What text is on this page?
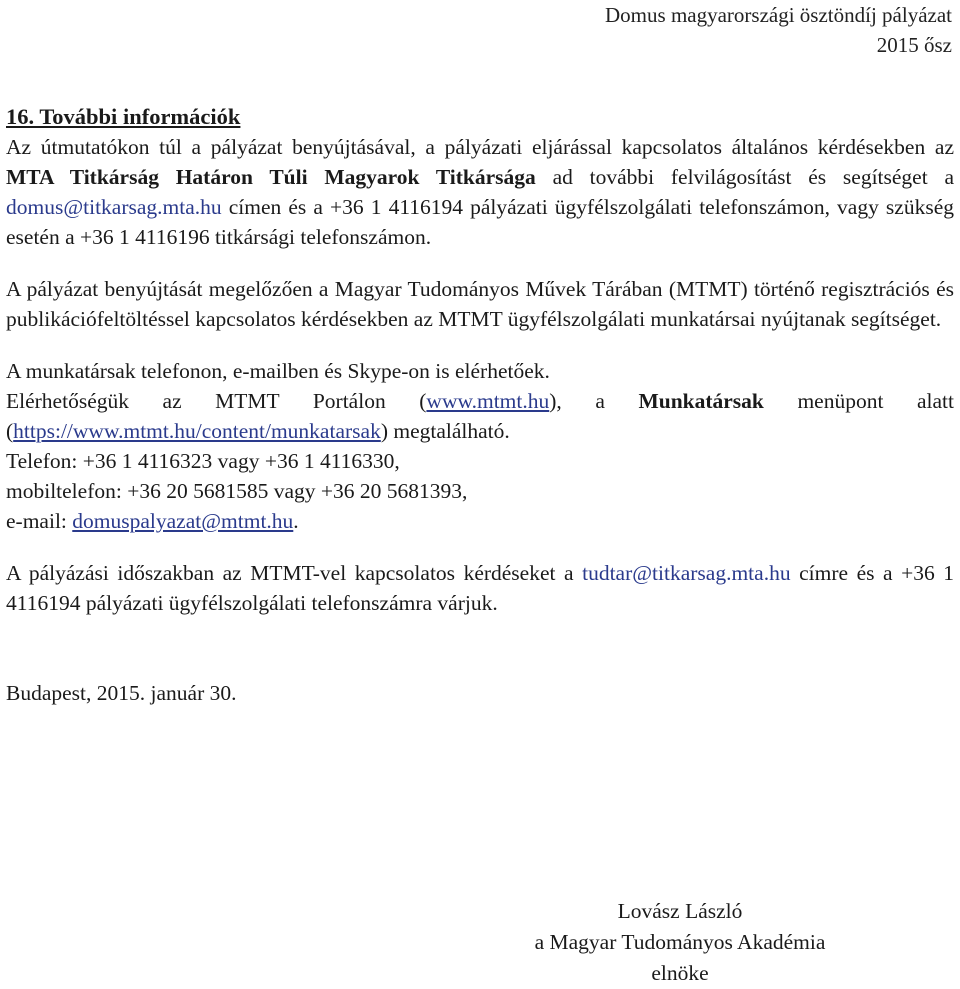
Domus magyarországi ösztöndíj pályázat
2015 ősz
16. További információk

Az útmutatókon túl a pályázat benyújtásával, a pályázati eljárással kapcsolatos általános kérdésekben az MTA Titkárság Határon Túli Magyarok Titkársága ad további felvilágosítást és segítséget a domus@titkarsag.mta.hu címen és a +36 1 4116194 pályázati ügyfélszolgálati telefonszámon, vagy szükség esetén a +36 1 4116196 titkársági telefonszámon.

A pályázat benyújtását megelőzően a Magyar Tudományos Művek Tárában (MTMT) történő regisztrációs és publikációfeltöltéssel kapcsolatos kérdésekben az MTMT ügyfélszolgálati munkatársai nyújtanak segítséget.

A munkatársak telefonon, e-mailben és Skype-on is elérhetőek.

Elérhetőségük az MTMT Portálon (www.mtmt.hu), a Munkatársak menüpont alatt (https://www.mtmt.hu/content/munkatarsak) megtalálható.

Telefon: +36 1 4116323 vagy +36 1 4116330,

mobiltelefon: +36 20 5681585 vagy +36 20 5681393,

e-mail: domuspalyazat@mtmt.hu.

A pályázási időszakban az MTMT-vel kapcsolatos kérdéseket a tudtar@titkarsag.mta.hu címre és a +36 1 4116194 pályázati ügyfélszolgálati telefonszámra várjuk.

Budapest, 2015. január 30.

Lovász László
a Magyar Tudományos Akadémia
elnöke
